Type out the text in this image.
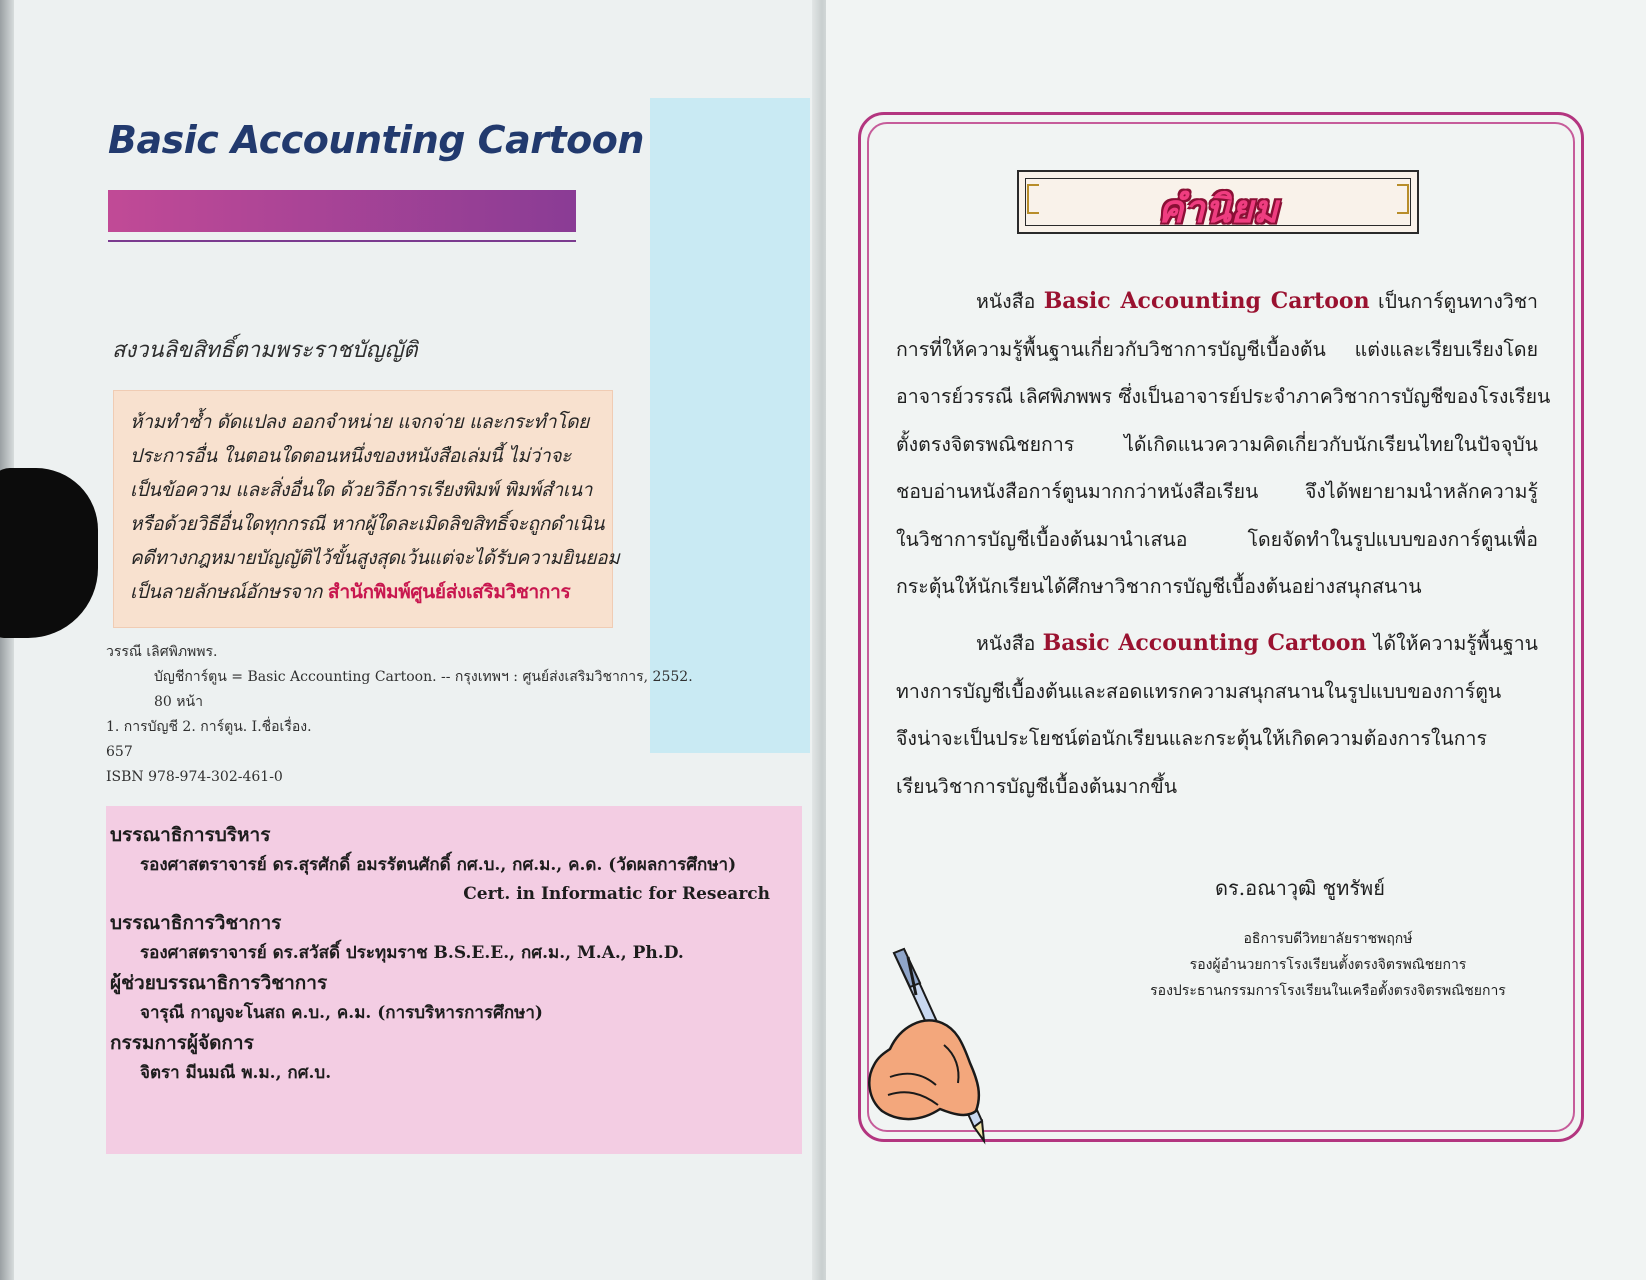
Basic Accounting Cartoon
สงวนลิขสิทธิ์ตามพระราชบัญญัติ
ห้ามทำซ้ำ ดัดแปลง ออกจำหน่าย แจกจ่าย และกระทำโดย
ประการอื่น ในตอนใดตอนหนึ่งของหนังสือเล่มนี้ ไม่ว่าจะ
เป็นข้อความ และสิ่งอื่นใด ด้วยวิธีการเรียงพิมพ์ พิมพ์สำเนา
หรือด้วยวิธีอื่นใดทุกกรณี หากผู้ใดละเมิดลิขสิทธิ์จะถูกดำเนิน
คดีทางกฎหมายบัญญัติไว้ขั้นสูงสุดเว้นแต่จะได้รับความยินยอม
เป็นลายลักษณ์อักษรจาก สำนักพิมพ์ศูนย์ส่งเสริมวิชาการ
วรรณี เลิศพิภพพร.
บัญชีการ์ตูน = Basic Accounting Cartoon. -- กรุงเทพฯ : ศูนย์ส่งเสริมวิชาการ, 2552.
80 หน้า
1. การบัญชี 2. การ์ตูน. I.ชื่อเรื่อง.
657
ISBN 978-974-302-461-0
บรรณาธิการบริหาร
รองศาสตราจารย์ ดร.สุรศักดิ์ อมรรัตนศักดิ์ กศ.บ., กศ.ม., ค.ด. (วัดผลการศึกษา)
Cert. in Informatic for Research
บรรณาธิการวิชาการ
รองศาสตราจารย์ ดร.สวัสดิ์ ประทุมราช B.S.E.E., กศ.ม., M.A., Ph.D.
ผู้ช่วยบรรณาธิการวิชาการ
จารุณี กาญจะโนสถ ค.บ., ค.ม. (การบริหารการศึกษา)
กรรมการผู้จัดการ
จิตรา มีนมณี พ.ม., กศ.บ.
คำนิยม
หนังสือ Basic Accounting Cartoon เป็นการ์ตูนทางวิชา
การที่ให้ความรู้พื้นฐานเกี่ยวกับวิชาการบัญชีเบื้องต้น แต่งและเรียบเรียงโดย
อาจารย์วรรณี เลิศพิภพพร ซึ่งเป็นอาจารย์ประจำภาควิชาการบัญชีของโรงเรียน
ตั้งตรงจิตรพณิชยการ ได้เกิดแนวความคิดเกี่ยวกับนักเรียนไทยในปัจจุบัน
ชอบอ่านหนังสือการ์ตูนมากกว่าหนังสือเรียน จึงได้พยายามนำหลักความรู้
ในวิชาการบัญชีเบื้องต้นมานำเสนอ โดยจัดทำในรูปแบบของการ์ตูนเพื่อ
กระตุ้นให้นักเรียนได้ศึกษาวิชาการบัญชีเบื้องต้นอย่างสนุกสนาน
หนังสือ Basic Accounting Cartoon ได้ให้ความรู้พื้นฐาน
ทางการบัญชีเบื้องต้นและสอดแทรกความสนุกสนานในรูปแบบของการ์ตูน
จึงน่าจะเป็นประโยชน์ต่อนักเรียนและกระตุ้นให้เกิดความต้องการในการ
เรียนวิชาการบัญชีเบื้องต้นมากขึ้น
ดร.อณาวุฒิ ชูทรัพย์
อธิการบดีวิทยาลัยราชพฤกษ์
รองผู้อำนวยการโรงเรียนตั้งตรงจิตรพณิชยการ
รองประธานกรรมการโรงเรียนในเครือตั้งตรงจิตรพณิชยการ
